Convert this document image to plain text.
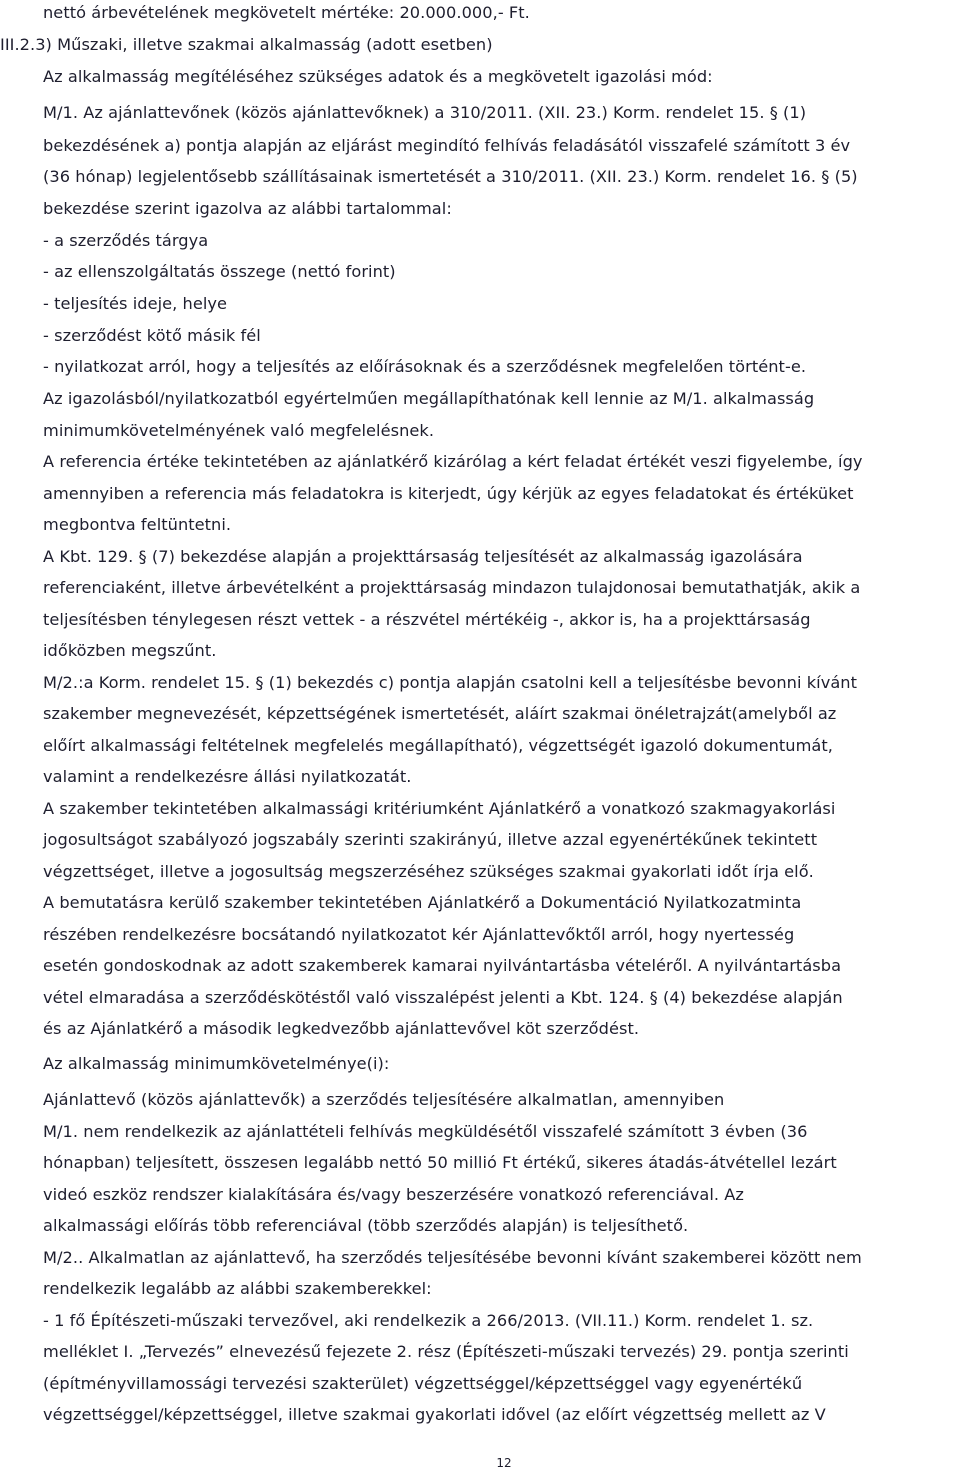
nettó árbevételének megkövetelt mértéke: 20.000.000,- Ft.
III.2.3) Műszaki, illetve szakmai alkalmasság (adott esetben)
Az alkalmasság megítéléséhez szükséges adatok és a megkövetelt igazolási mód:
M/1. Az ajánlattevőnek (közös ajánlattevőknek) a 310/2011. (XII. 23.) Korm. rendelet 15. § (1)
bekezdésének a) pontja alapján az eljárást megindító felhívás feladásától visszafelé számított 3 év
(36 hónap) legjelentősebb szállításainak ismertetését a 310/2011. (XII. 23.) Korm. rendelet 16. § (5)
bekezdése szerint igazolva az alábbi tartalommal:
- a szerződés tárgya
- az ellenszolgáltatás összege (nettó forint)
- teljesítés ideje, helye
- szerződést kötő másik fél
- nyilatkozat arról, hogy a teljesítés az előírásoknak és a szerződésnek megfelelően történt-e.
Az igazolásból/nyilatkozatból egyértelműen megállapíthatónak kell lennie az M/1. alkalmasság
minimumkövetelményének való megfelelésnek.
A referencia értéke tekintetében az ajánlatkérő kizárólag a kért feladat értékét veszi figyelembe, így
amennyiben a referencia más feladatokra is kiterjedt, úgy kérjük az egyes feladatokat és értéküket
megbontva feltüntetni.
A Kbt. 129. § (7) bekezdése alapján a projekttársaság teljesítését az alkalmasság igazolására
referenciaként, illetve árbevételként a projekttársaság mindazon tulajdonosai bemutathatják, akik a
teljesítésben ténylegesen részt vettek - a részvétel mértékéig -, akkor is, ha a projekttársaság
időközben megszűnt.
M/2.:a Korm. rendelet 15. § (1) bekezdés c) pontja alapján csatolni kell a teljesítésbe bevonni kívánt
szakember megnevezését, képzettségének ismertetését, aláírt szakmai önéletrajzát(amelyből az
előírt alkalmassági feltételnek megfelelés megállapítható), végzettségét igazoló dokumentumát,
valamint a rendelkezésre állási nyilatkozatát.
A szakember tekintetében alkalmassági kritériumként Ajánlatkérő a vonatkozó szakmagyakorlási
jogosultságot szabályozó jogszabály szerinti szakirányú, illetve azzal egyenértékűnek tekintett
végzettséget, illetve a jogosultság megszerzéséhez szükséges szakmai gyakorlati időt írja elő.
A bemutatásra kerülő szakember tekintetében Ajánlatkérő a Dokumentáció Nyilatkozatminta
részében rendelkezésre bocsátandó nyilatkozatot kér Ajánlattevőktől arról, hogy nyertesség
esetén gondoskodnak az adott szakemberek kamarai nyilvántartásba vételéről. A nyilvántartásba
vétel elmaradása a szerződéskötéstől való visszalépést jelenti a Kbt. 124. § (4) bekezdése alapján
és az Ajánlatkérő a második legkedvezőbb ajánlattevővel köt szerződést.
Az alkalmasság minimumkövetelménye(i):
Ajánlattevő (közös ajánlattevők) a szerződés teljesítésére alkalmatlan, amennyiben
M/1. nem rendelkezik az ajánlattételi felhívás megküldésétől visszafelé számított 3 évben (36
hónapban) teljesített, összesen legalább nettó 50 millió Ft értékű, sikeres átadás-átvétellel lezárt
videó eszköz rendszer kialakítására és/vagy beszerzésére vonatkozó referenciával. Az
alkalmassági előírás több referenciával (több szerződés alapján) is teljesíthető.
M/2.. Alkalmatlan az ajánlattevő, ha szerződés teljesítésébe bevonni kívánt szakemberei között nem
rendelkezik legalább az alábbi szakemberekkel:
- 1 fő Építészeti-műszaki tervezővel, aki rendelkezik a 266/2013. (VII.11.) Korm. rendelet 1. sz.
melléklet I. „Tervezés” elnevezésű fejezete 2. rész (Építészeti-műszaki tervezés) 29. pontja szerinti
(építményvillamossági tervezési szakterület) végzettséggel/képzettséggel vagy egyenértékű
végzettséggel/képzettséggel, illetve szakmai gyakorlati idővel (az előírt végzettség mellett az V
12
